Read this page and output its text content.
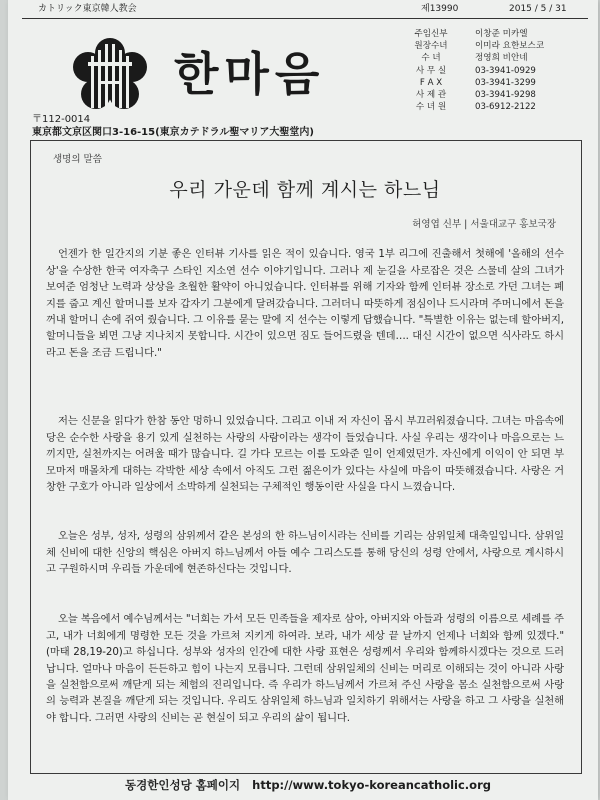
カトリック東京韓人教会	제13990	2015 / 5 / 31
한마음
주임신부	이창준 미카엘
원장수녀	이미라 요한보스코
수 녀	정영희 비안네
사 무 실	03-3941-0929
F A X	03-3941-3299
사 제 관	03-3941-9298
수 녀 원	03-6912-2122
〒112-0014
東京都文京区関口3-16-15(東京カテドラル聖マリア大聖堂内)
생명의 말씀
우리 가운데 함께 계시는 하느님
허영엽 신부 | 서울대교구 홍보국장

언젠가 한 일간지의 기분 좋은 인터뷰 기사를 읽은 적이 있습니다. 영국 1부 리그에 진출해서 첫해에 '올해의 선수상'을 수상한 한국 여자축구 스타인 지소연 선수 이야기입니다. 그러나 제 눈길을 사로잡은 것은 스물네 살의 그녀가 보여준 엄청난 노력과 상상을 초월한 활약이 아니었습니다. 인터뷰를 위해 기자와 함께 인터뷰 장소로 가던 그녀는 폐지를 줍고 계신 할머니를 보자 갑자기 그분에게 달려갔습니다. 그러더니 따뜻하게 점심이나 드시라며 주머니에서 돈을 꺼내 할머니 손에 쥐여 줬습니다. 그 이유를 묻는 말에 지 선수는 이렇게 답했습니다. "특별한 이유는 없는데 할아버지, 할머니들을 뵈면 그냥 지나치지 못합니다. 시간이 있으면 짐도 들어드렸을 텐데…. 대신 시간이 없으면 식사라도 하시라고 돈을 조금 드립니다."

저는 신문을 읽다가 한참 동안 멍하니 있었습니다. 그리고 이내 저 자신이 몹시 부끄러워졌습니다. 그녀는 마음속에 당은 순수한 사랑을 용기 있게 실천하는 사랑의 사람이라는 생각이 들었습니다. 사실 우리는 생각이나 마음으로는 느끼지만, 실천까지는 어려울 때가 많습니다. 길 가다 모르는 이를 도와준 일이 언제였던가. 자신에게 이익이 안 되면 부모마저 매몰차게 대하는 각박한 세상 속에서 아직도 그런 젊은이가 있다는 사실에 마음이 따뜻해졌습니다. 사랑은 거창한 구호가 아니라 일상에서 소박하게 실천되는 구체적인 행동이란 사실을 다시 느꼈습니다.

오늘은 성부, 성자, 성령의 삼위께서 같은 본성의 한 하느님이시라는 신비를 기리는 삼위일체 대축일입니다. 삼위일체 신비에 대한 신앙의 핵심은 아버지 하느님께서 아들 예수 그리스도를 통해 당신의 성령 안에서, 사랑으로 계시하시고 구원하시며 우리들 가운데에 현존하신다는 것입니다.

오늘 복음에서 예수님께서는 "너희는 가서 모든 민족들을 제자로 삼아, 아버지와 아들과 성령의 이름으로 세례를 주고, 내가 너희에게 명령한 모든 것을 가르쳐 지키게 하여라. 보라, 내가 세상 끝 날까지 언제나 너희와 함께 있겠다."(마태 28,19-20)고 하십니다. 성부와 성자의 인간에 대한 사랑 표현은 성령께서 우리와 함께하시겠다는 것으로 드러납니다. 얼마나 마음이 든든하고 힘이 나는지 모릅니다. 그런데 삼위일체의 신비는 머리로 이해되는 것이 아니라 사랑을 실천함으로써 깨닫게 되는 체험의 진리입니다. 즉 우리가 하느님께서 가르쳐 주신 사랑을 몸소 실천함으로써 사랑의 능력과 본질을 깨닫게 되는 것입니다. 우리도 삼위일체 하느님과 일치하기 위해서는 사랑을 하고 그 사랑을 실천해야 합니다. 그러면 사랑의 신비는 곧 현실이 되고 우리의 삶이 됩니다.

동경한인성당 홈페이지 http://www.tokyo-koreancatholic.org
